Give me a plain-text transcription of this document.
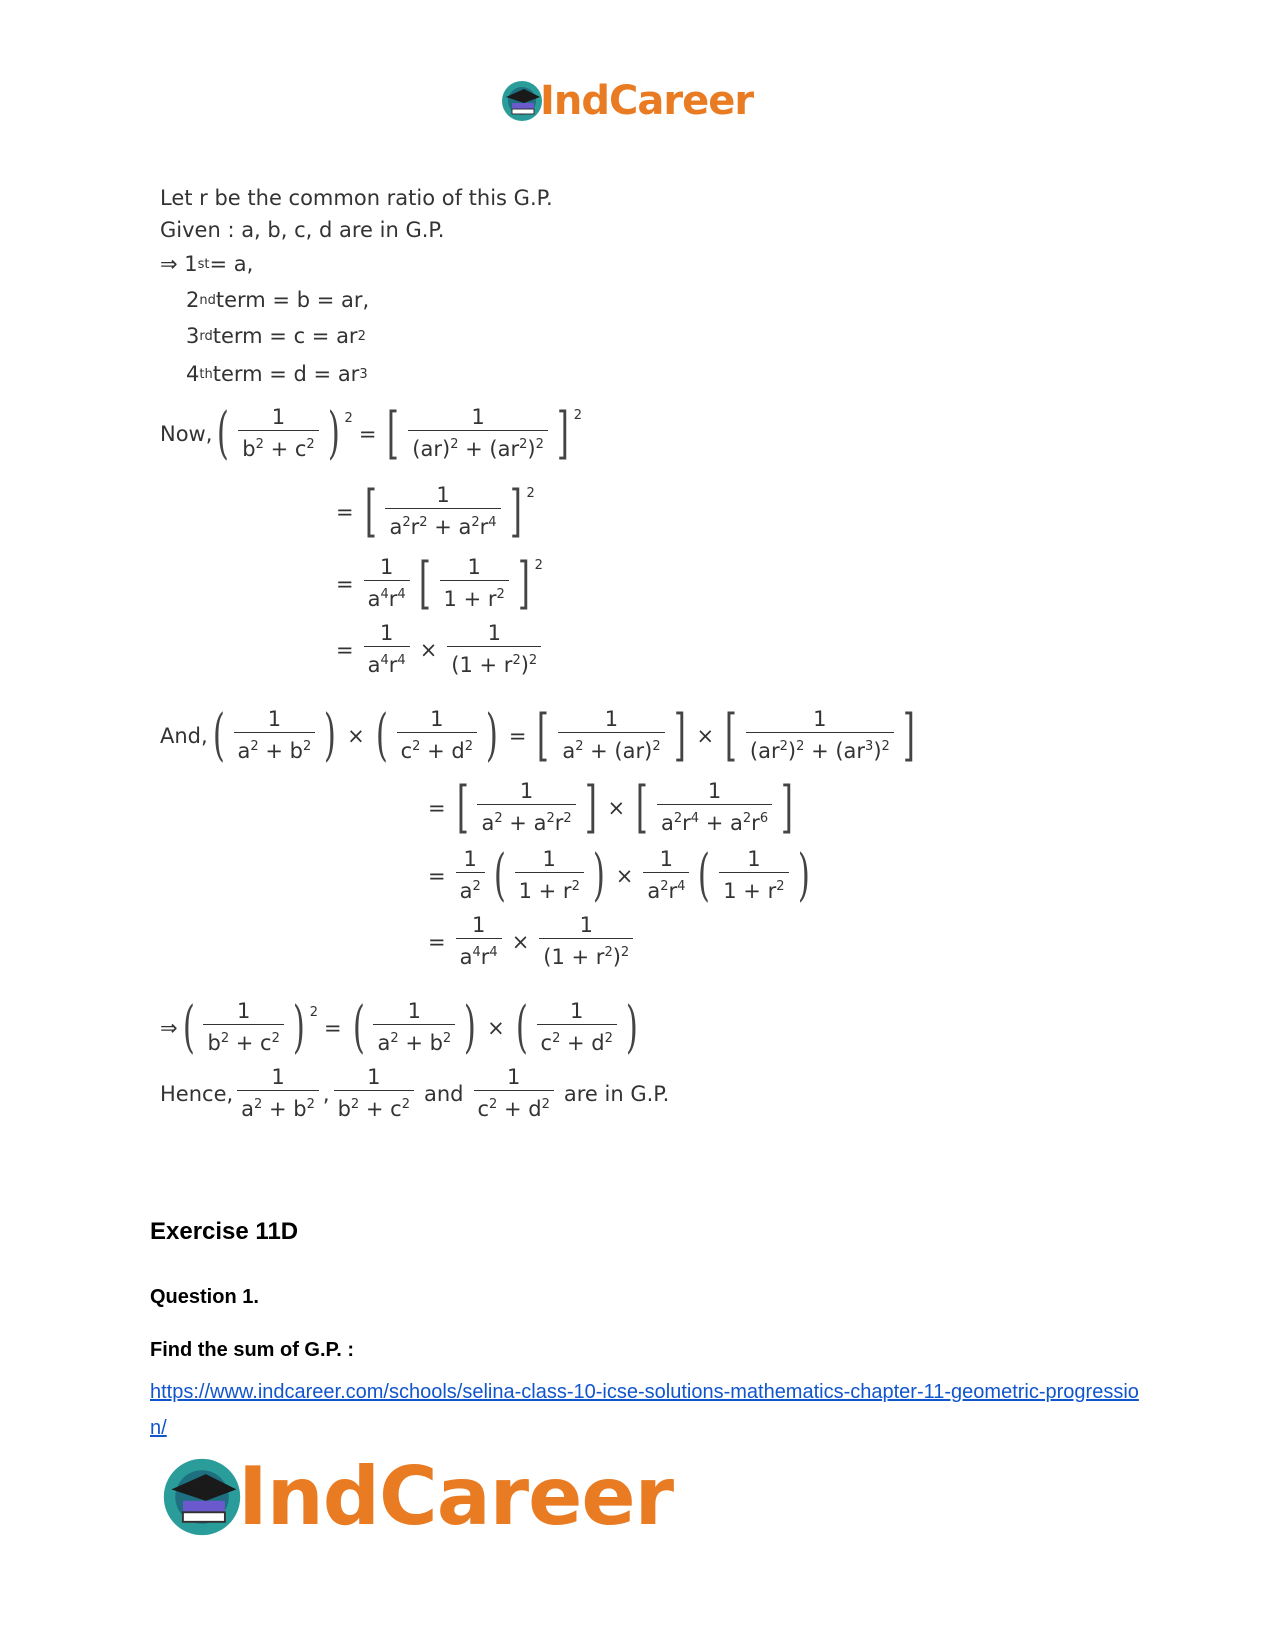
IndCareer
Let r be the common ratio of this G.P.
Given : a, b, c, d are in G.P.
⇒ 1 st = a,
2 nd term = b = ar,
3 rd term = c = ar 2
4 th term = d = ar 3
Now, ( $\frac{1}{b^2 + c^2}$ ) $^2$
= [ $\frac{1}{(ar)^2 + (ar^2)^2}$ ] $^2$
= [ $\frac{1}{a^2r^2 + a^2r^4}$ ] $^2$
= $\frac{1}{a^4r^4}$ [ $\frac{1}{1 + r^2}$ ] $^2$
= $\frac{1}{a^4r^4} \times \frac{1}{(1 + r^2)^2}$
And, ( $\frac{1}{a^2 + b^2}$ ) × ( $\frac{1}{c^2 + d^2}$ ) = [ $\frac{1}{a^2 + (ar)^2}$ ] × [ $\frac{1}{(ar^2)^2 + (ar^3)^2}$ ]
= [ $\frac{1}{a^2 + a^2r^2}$ ] × [ $\frac{1}{a^2r^4 + a^2r^6}$ ]
= $\frac{1}{a^2}$ ( $\frac{1}{1 + r^2}$ ) × $\frac{1}{a^2r^4}$ ( $\frac{1}{1 + r^2}$ )
= $\frac{1}{a^4r^4} \times \frac{1}{(1 + r^2)^2}$
⇒ ( $\frac{1}{b^2 + c^2}$ ) $^2$
= ( $\frac{1}{a^2 + b^2}$ ) × ( $\frac{1}{c^2 + d^2}$ )
Hence, $\frac{1}{a^2 + b^2}$ , $\frac{1}{b^2 + c^2}$ and $\frac{1}{c^2 + d^2}$ are in G.P.
Exercise 11D
Question 1.
Find the sum of G.P. :
https://www.indcareer.com/schools/selina-class-10-icse-solutions-mathematics-chapter-11-geometric-progression/
IndCareer
